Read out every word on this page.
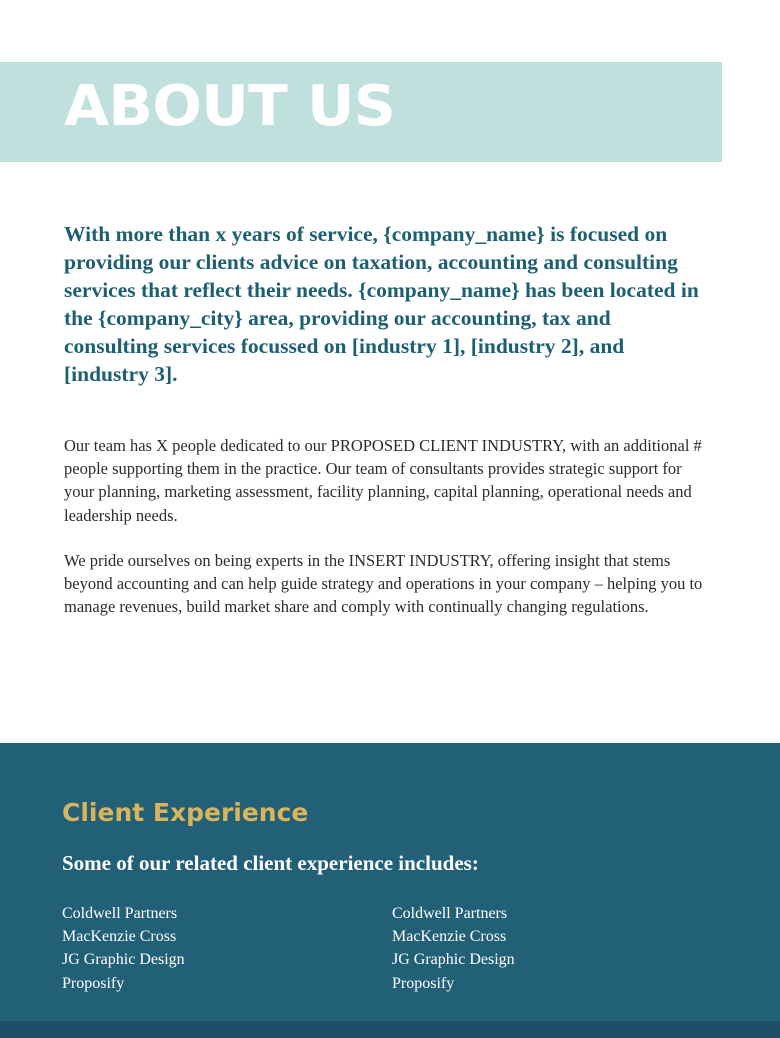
ABOUT US
With more than x years of service, {company_name} is focused on providing our clients advice on taxation, accounting and consulting services that reflect their needs. {company_name} has been located in the {company_city} area, providing our accounting, tax and consulting services focussed on [industry 1], [industry 2], and [industry 3].
Our team has X people dedicated to our PROPOSED CLIENT INDUSTRY, with an additional # people supporting them in the practice. Our team of consultants provides strategic support for your planning, marketing assessment, facility planning, capital planning, operational needs and leadership needs.
We pride ourselves on being experts in the INSERT INDUSTRY, offering insight that stems beyond accounting and can help guide strategy and operations in your company – helping you to manage revenues, build market share and comply with continually changing regulations.
Client Experience
Some of our related client experience includes:
Coldwell Partners
MacKenzie Cross
JG Graphic Design
Proposify
Coldwell Partners
MacKenzie Cross
JG Graphic Design
Proposify
